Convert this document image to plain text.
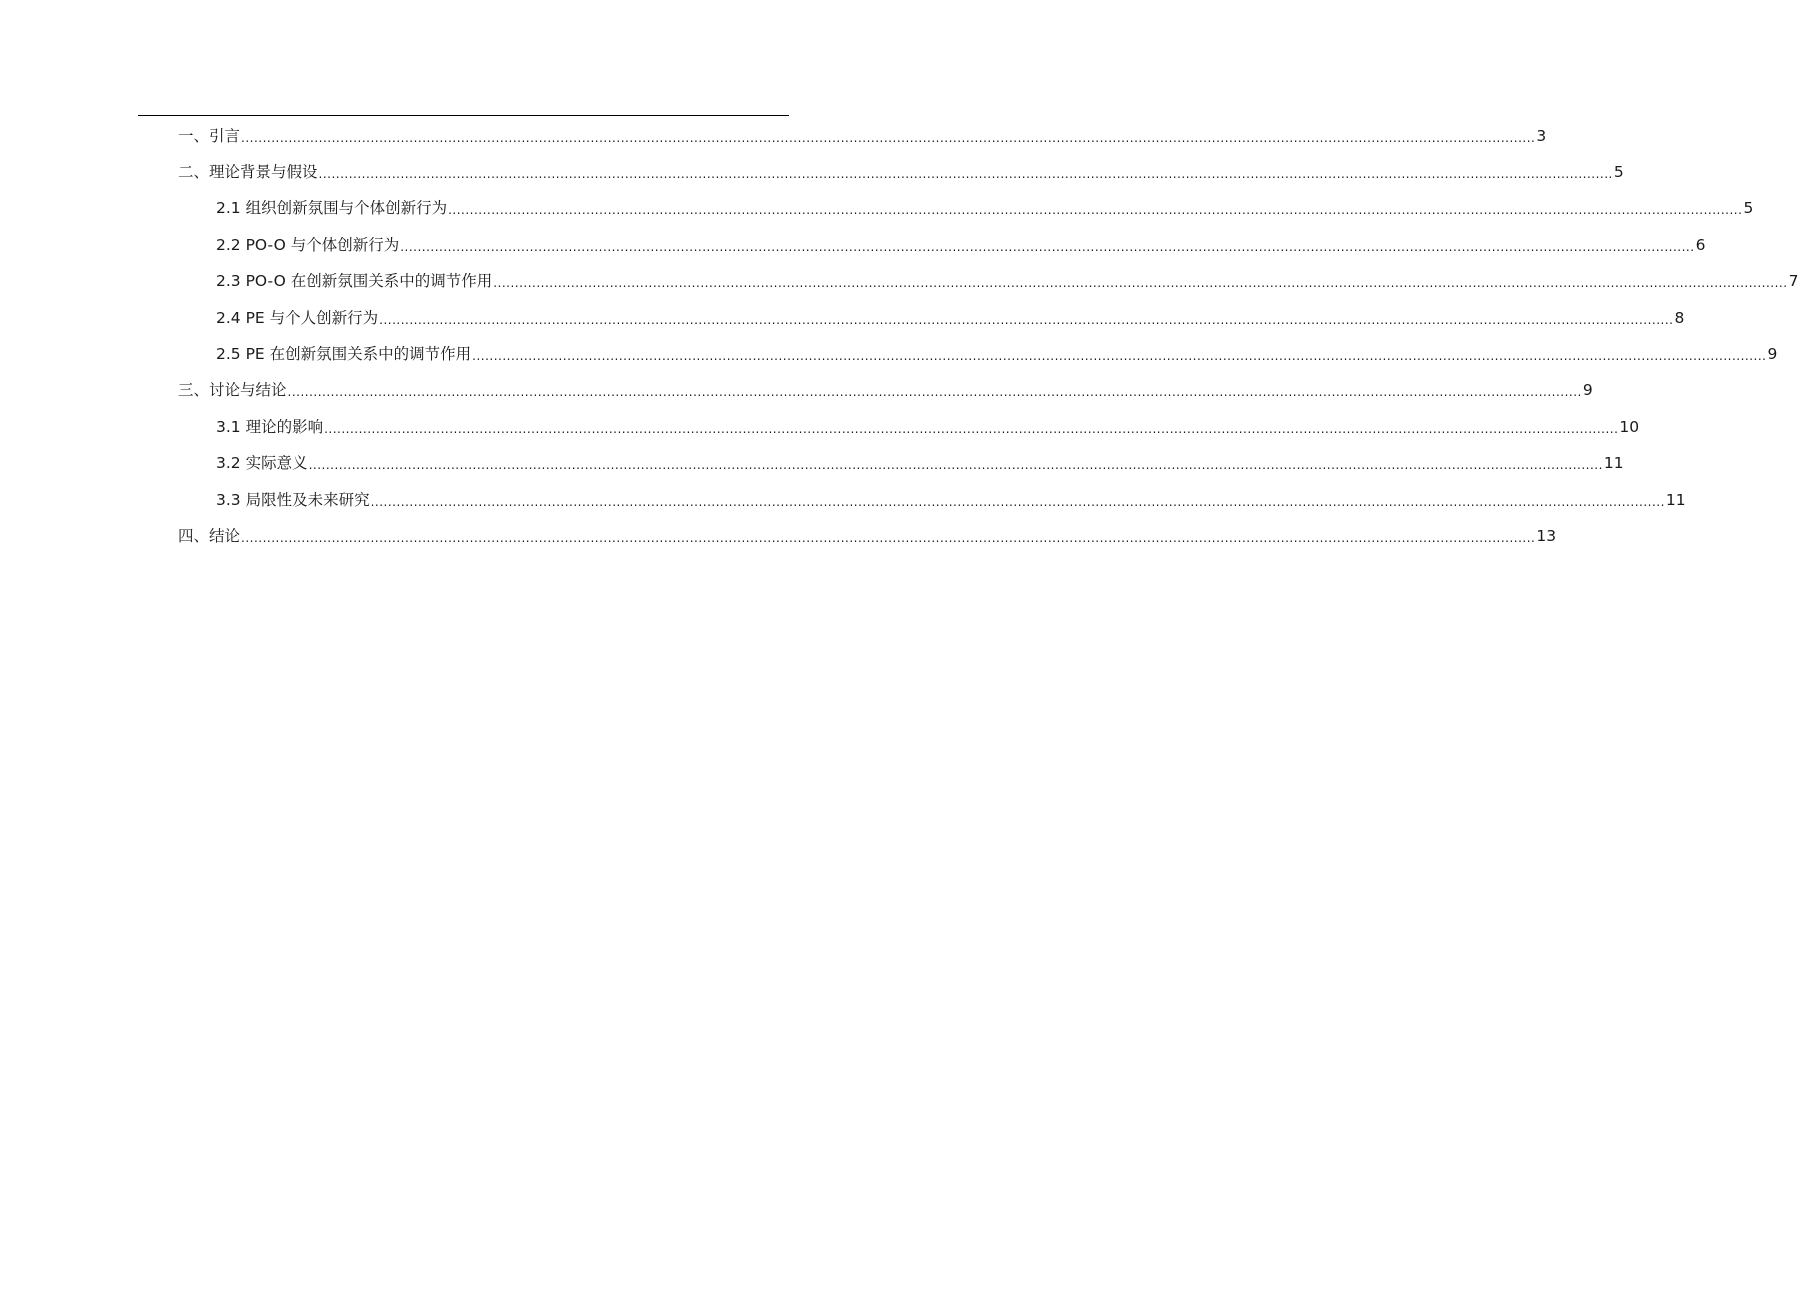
一、引言 ............................................................................................................................................................................................................................................................................................................ 3
二、理论背景与假设 ............................................................................................................................................................................................................................................................................................................ 5
2.1 组织创新氛围与个体创新行为 ............................................................................................................................................................................................................................................................................................................ 5
2.2 PO-O 与个体创新行为 ............................................................................................................................................................................................................................................................................................................ 6
2.3 PO-O 在创新氛围关系中的调节作用 ............................................................................................................................................................................................................................................................................................................ 7
2.4 PE 与个人创新行为 ............................................................................................................................................................................................................................................................................................................ 8
2.5 PE 在创新氛围关系中的调节作用 ............................................................................................................................................................................................................................................................................................................ 9
三、讨论与结论 ............................................................................................................................................................................................................................................................................................................ 9
3.1 理论的影响 ............................................................................................................................................................................................................................................................................................................ 10
3.2 实际意义 ............................................................................................................................................................................................................................................................................................................ 11
3.3 局限性及未来研究 ............................................................................................................................................................................................................................................................................................................ 11
四、结论 ............................................................................................................................................................................................................................................................................................................ 13
